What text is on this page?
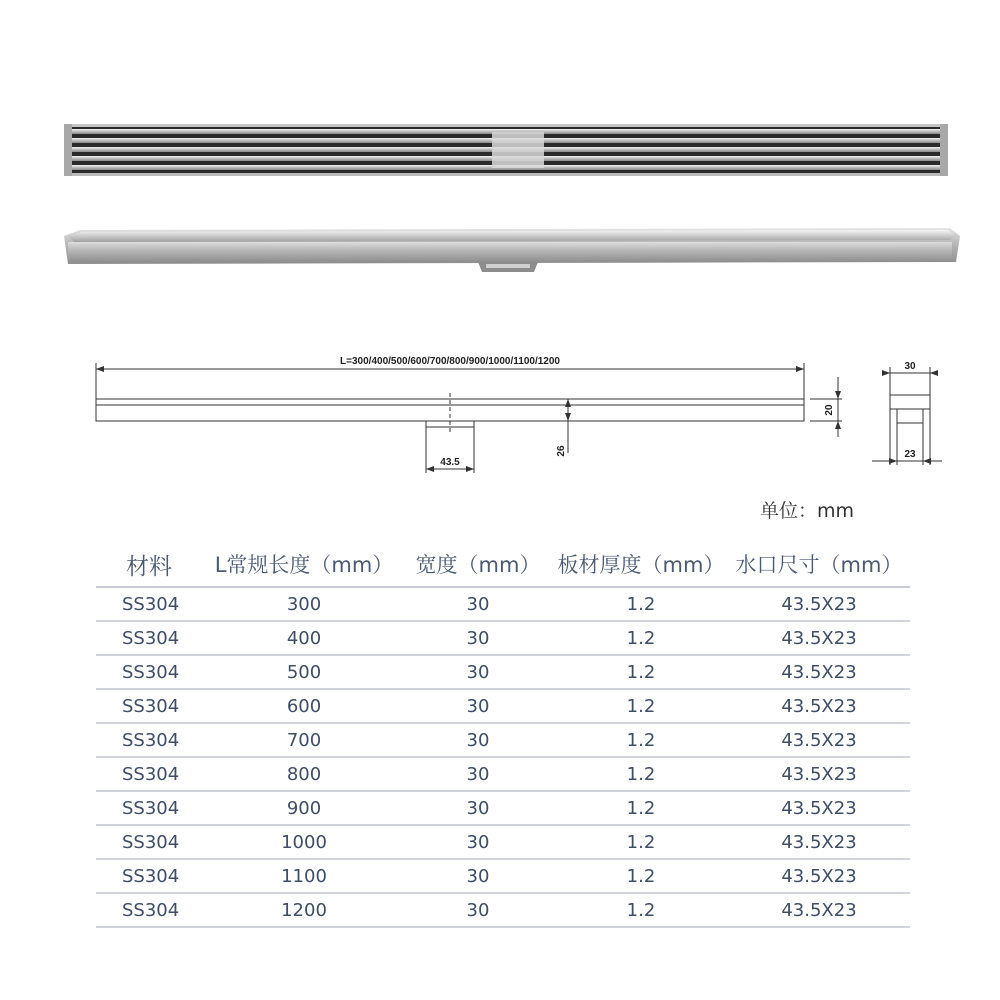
L=300/400/500/600/700/800/900/1000/1100/1200
43.5
26
20
30
23
单位：mm
材料	L常规长度（mm）	宽度（mm）	板材厚度（mm）	水口尺寸（mm）
SS304	300	30	1.2	43.5X23
SS304	400	30	1.2	43.5X23
SS304	500	30	1.2	43.5X23
SS304	600	30	1.2	43.5X23
SS304	700	30	1.2	43.5X23
SS304	800	30	1.2	43.5X23
SS304	900	30	1.2	43.5X23
SS304	1000	30	1.2	43.5X23
SS304	1100	30	1.2	43.5X23
SS304	1200	30	1.2	43.5X23
